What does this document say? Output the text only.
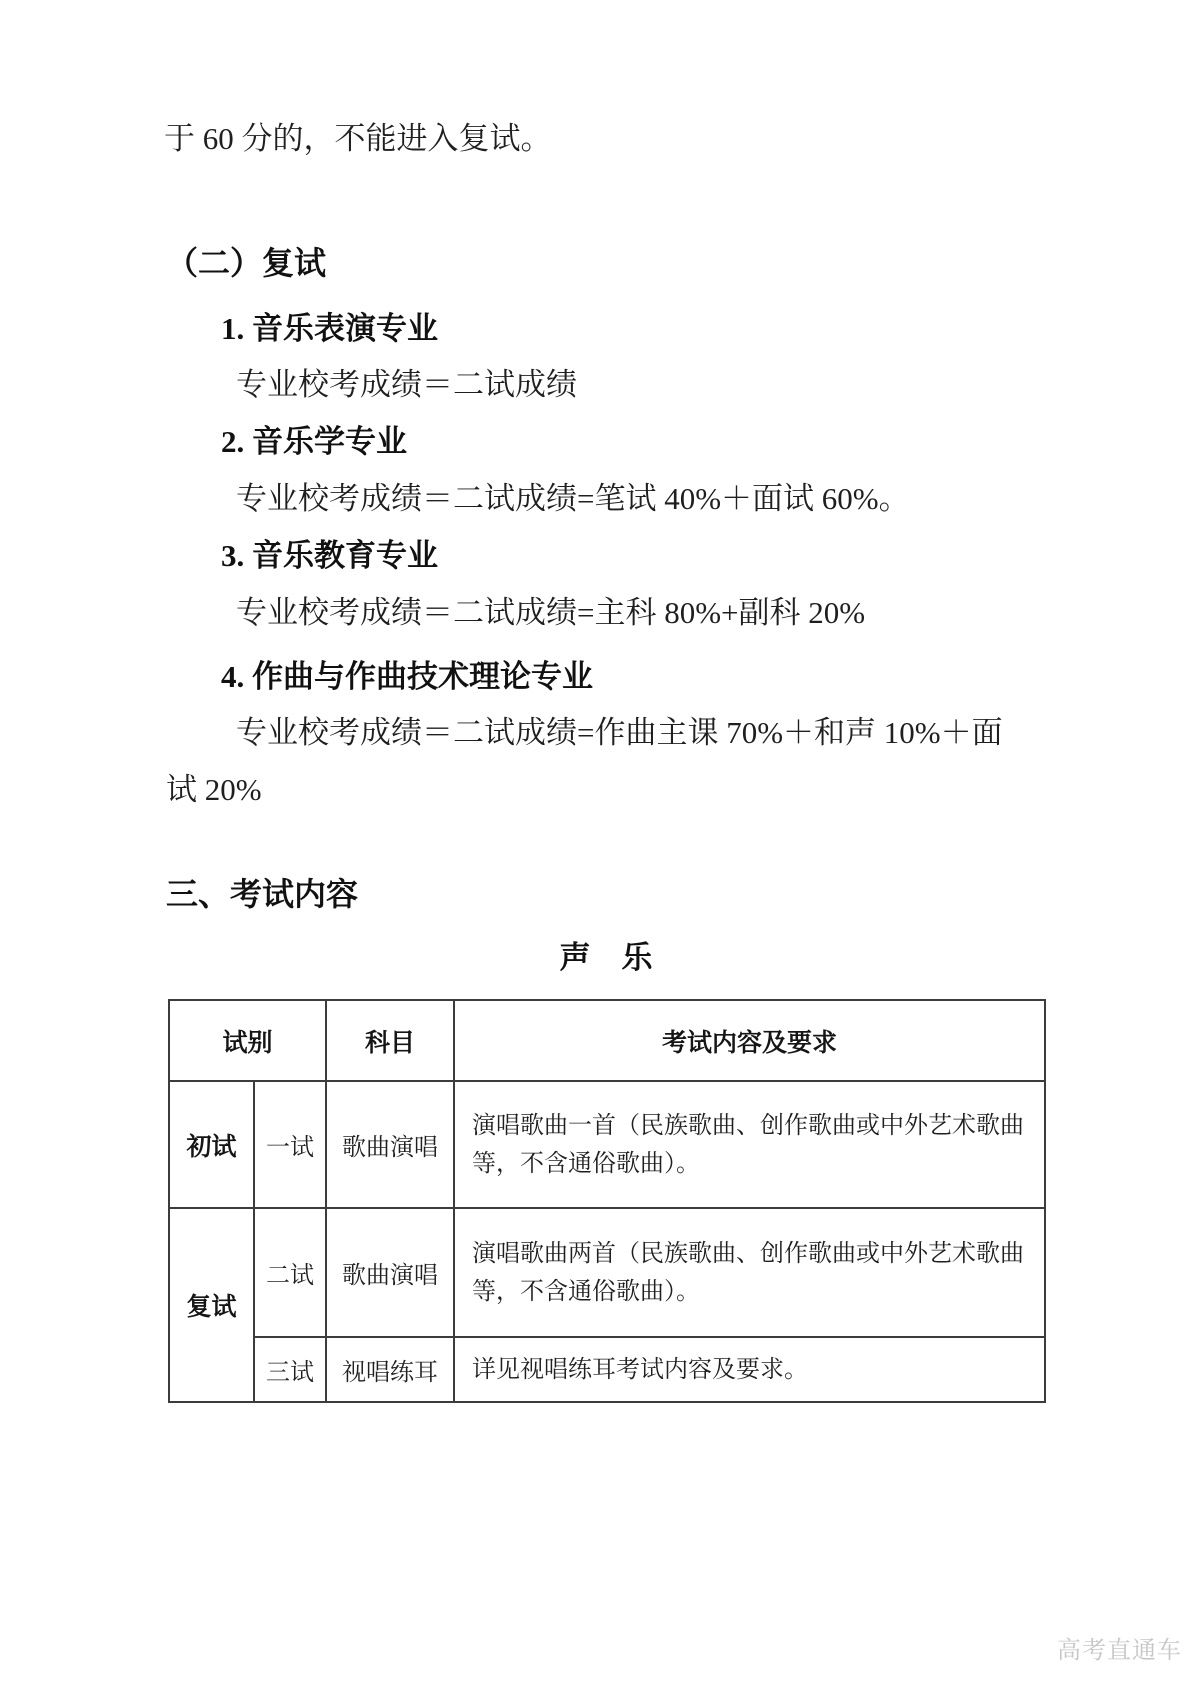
于 60 分的，不能进入复试。
（二）复试
1. 音乐表演专业
专业校考成绩＝二试成绩
2. 音乐学专业
专业校考成绩＝二试成绩=笔试 40%＋面试 60%。
3. 音乐教育专业
专业校考成绩＝二试成绩=主科 80%+副科 20%
4. 作曲与作曲技术理论专业
专业校考成绩＝二试成绩=作曲主课 70%＋和声 10%＋面
试 20%
三、考试内容
声　乐
试别		科目	考试内容及要求
初试	一试	歌曲演唱	演唱歌曲一首（民族歌曲、创作歌曲或中外艺术歌曲等，不含通俗歌曲）。
复试	二试	歌曲演唱	演唱歌曲两首（民族歌曲、创作歌曲或中外艺术歌曲等，不含通俗歌曲）。
	三试	视唱练耳	详见视唱练耳考试内容及要求。
高考直通车
